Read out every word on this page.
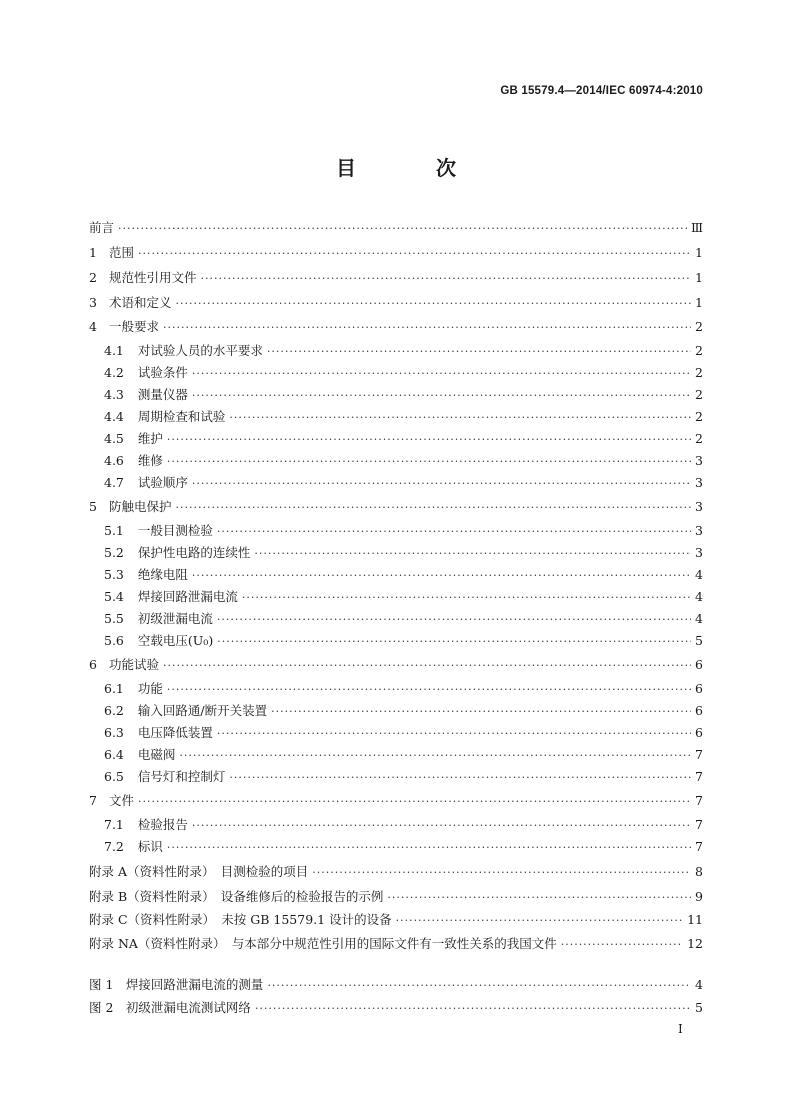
GB 15579.4—2014/IEC 60974-4:2010
目　次
前言 ·····	Ⅲ
1 范围 ·····	1
2 规范性引用文件 ·····	1
3 术语和定义 ·····	1
4 一般要求 ·····	2
4.1 对试验人员的水平要求 ·····	2
4.2 试验条件 ·····	2
4.3 测量仪器 ·····	2
4.4 周期检查和试验 ·····	2
4.5 维护 ·····	2
4.6 维修 ·····	3
4.7 试验顺序 ·····	3
5 防触电保护 ·····	3
5.1 一般目测检验 ·····	3
5.2 保护性电路的连续性 ·····	3
5.3 绝缘电阻 ·····	4
5.4 焊接回路泄漏电流 ·····	4
5.5 初级泄漏电流 ·····	4
5.6 空载电压(U₀) ·····	5
6 功能试验 ·····	6
6.1 功能 ·····	6
6.2 输入回路通/断开关装置 ·····	6
6.3 电压降低装置 ·····	6
6.4 电磁阀 ·····	7
6.5 信号灯和控制灯 ·····	7
7 文件 ·····	7
7.1 检验报告 ·····	7
7.2 标识 ·····	7
附录 A（资料性附录）　目测检验的项目 ·····	8
附录 B（资料性附录）　设备维修后的检验报告的示例 ·····	9
附录 C（资料性附录）　未按 GB 15579.1 设计的设备 ·····	11
附录 NA（资料性附录）　与本部分中规范性引用的国际文件有一致性关系的我国文件 ·····	12
图 1　焊接回路泄漏电流的测量 ·····	4
图 2　初级泄漏电流测试网络 ·····	5
I
